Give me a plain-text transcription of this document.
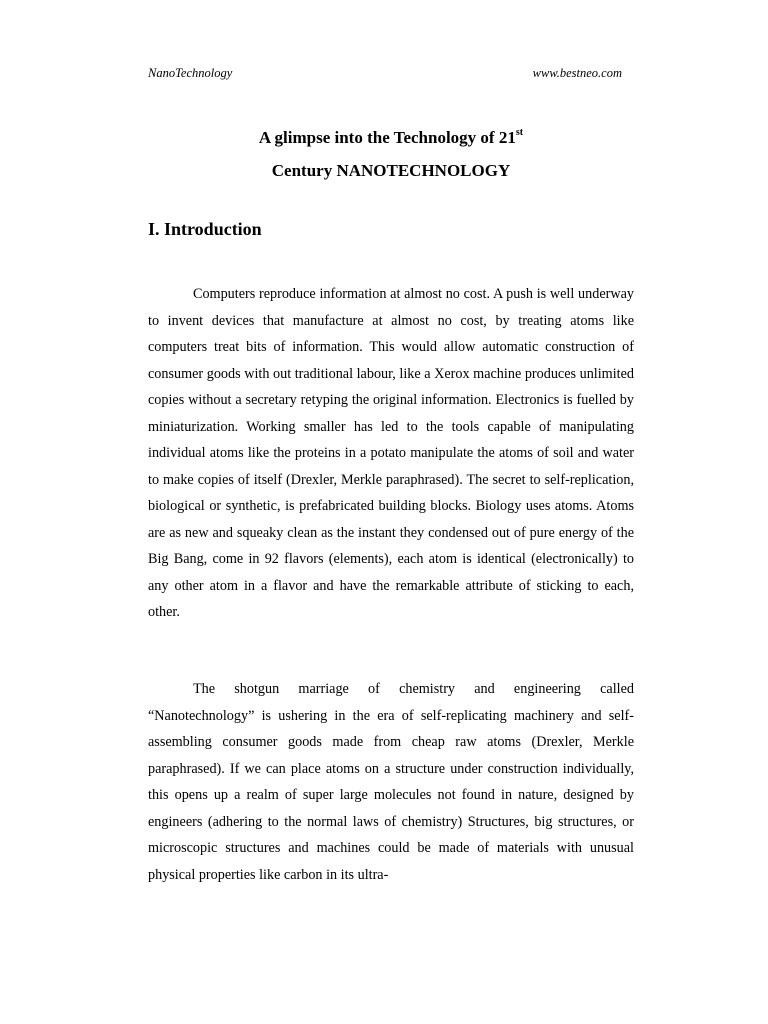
NanoTechnology	www.bestneo.com
A glimpse into the Technology of 21st
Century NANOTECHNOLOGY
I. Introduction

Computers reproduce information at almost no cost. A push is well underway to invent devices that manufacture at almost no cost, by treating atoms like computers treat bits of information. This would allow automatic construction of consumer goods with out traditional labour, like a Xerox machine produces unlimited copies without a secretary retyping the original information. Electronics is fuelled by miniaturization. Working smaller has led to the tools capable of manipulating individual atoms like the proteins in a potato manipulate the atoms of soil and water to make copies of itself (Drexler, Merkle paraphrased). The secret to self-replication, biological or synthetic, is prefabricated building blocks. Biology uses atoms. Atoms are as new and squeaky clean as the instant they condensed out of pure energy of the Big Bang, come in 92 flavors (elements), each atom is identical (electronically) to any other atom in a flavor and have the remarkable attribute of sticking to each, other.

The shotgun marriage of chemistry and engineering called “Nanotechnology” is ushering in the era of self-replicating machinery and self-assembling consumer goods made from cheap raw atoms (Drexler, Merkle paraphrased). If we can place atoms on a structure under construction individually, this opens up a realm of super large molecules not found in nature, designed by engineers (adhering to the normal laws of chemistry) Structures, big structures, or microscopic structures and machines could be made of materials with unusual physical properties like carbon in its ultra-
